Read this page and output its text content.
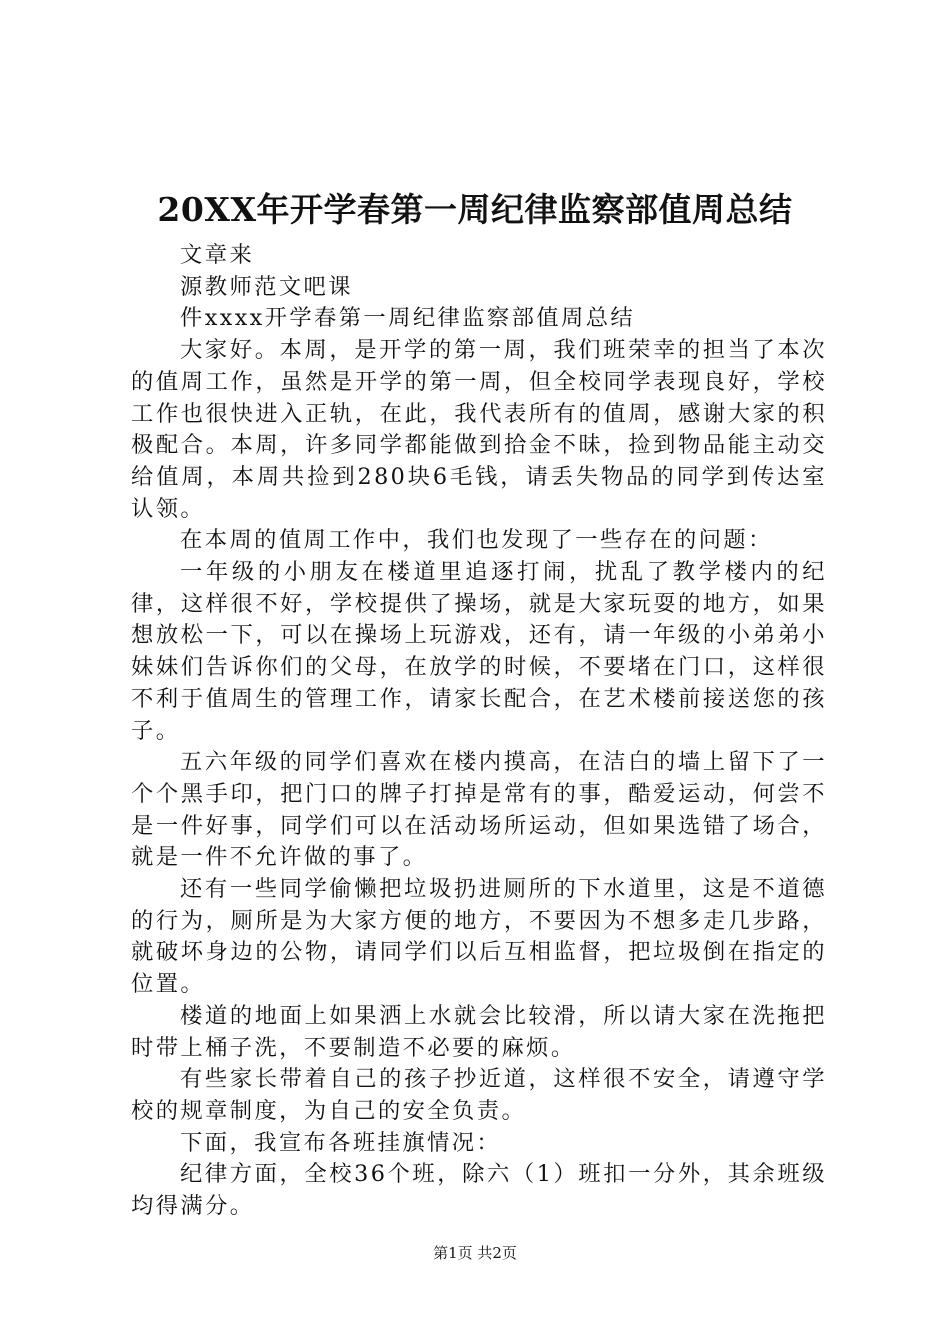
20XX年开学春第一周纪律监察部值周总结

文章来

源教师范文吧课

件xxxx开学春第一周纪律监察部值周总结

大家好。本周，是开学的第一周，我们班荣幸的担当了本次的值周工作，虽然是开学的第一周，但全校同学表现良好，学校工作也很快进入正轨，在此，我代表所有的值周，感谢大家的积极配合。本周，许多同学都能做到拾金不昧，捡到物品能主动交给值周，本周共捡到280块6毛钱，请丢失物品的同学到传达室认领。

在本周的值周工作中，我们也发现了一些存在的问题：

一年级的小朋友在楼道里追逐打闹，扰乱了教学楼内的纪律，这样很不好，学校提供了操场，就是大家玩耍的地方，如果想放松一下，可以在操场上玩游戏，还有，请一年级的小弟弟小妹妹们告诉你们的父母，在放学的时候，不要堵在门口，这样很不利于值周生的管理工作，请家长配合，在艺术楼前接送您的孩子。

五六年级的同学们喜欢在楼内摸高，在洁白的墙上留下了一个个黑手印，把门口的牌子打掉是常有的事，酷爱运动，何尝不是一件好事，同学们可以在活动场所运动，但如果选错了场合，就是一件不允许做的事了。

还有一些同学偷懒把垃圾扔进厕所的下水道里，这是不道德的行为，厕所是为大家方便的地方，不要因为不想多走几步路，就破坏身边的公物，请同学们以后互相监督，把垃圾倒在指定的位置。

楼道的地面上如果洒上水就会比较滑，所以请大家在洗拖把时带上桶子洗，不要制造不必要的麻烦。

有些家长带着自己的孩子抄近道，这样很不安全，请遵守学校的规章制度，为自己的安全负责。

下面，我宣布各班挂旗情况：

纪律方面，全校36个班，除六（1）班扣一分外，其余班级均得满分。

第1页 共2页
